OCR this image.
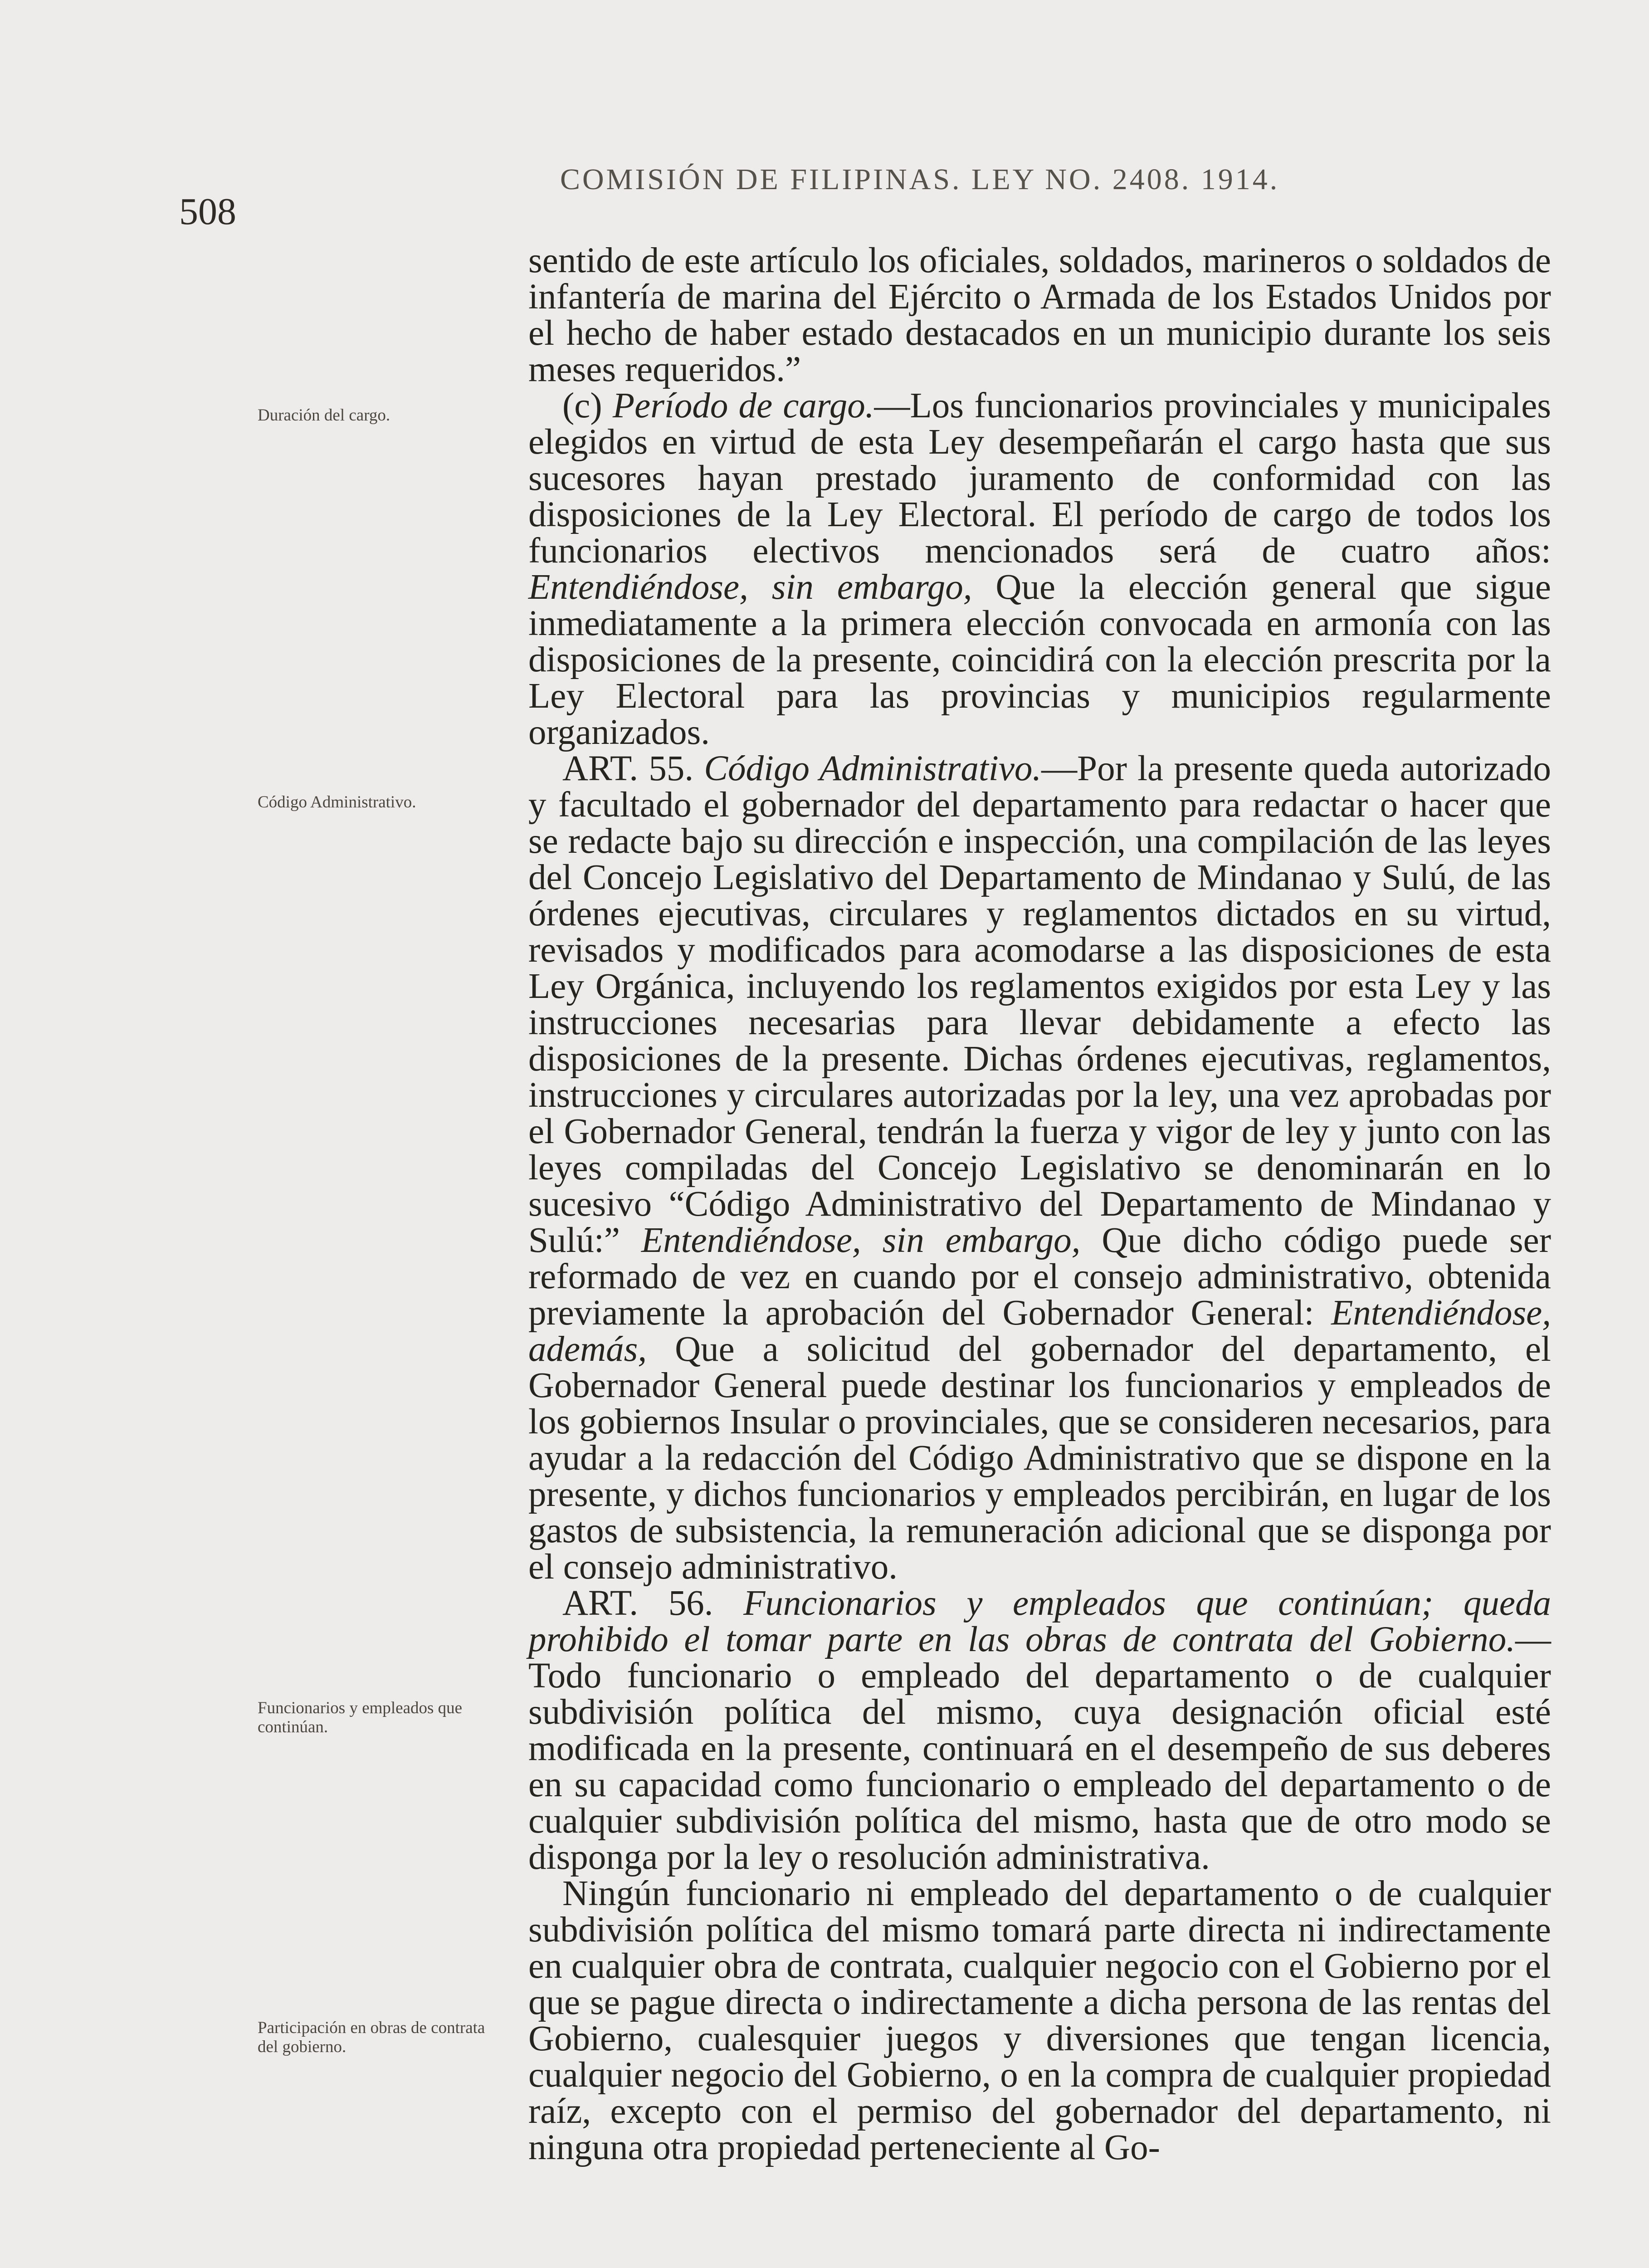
508
COMISIÓN DE FILIPINAS. LEY NO. 2408. 1914.
Duración del cargo.
Código Administrativo.
Funcionarios y empleados que continúan.
Participación en obras de contrata del gobierno.

sentido de este artículo los oficiales, soldados, marineros o soldados de infantería de marina del Ejército o Armada de los Estados Unidos por el hecho de haber estado destacados en un municipio durante los seis meses requeridos.”

(c) Período de cargo.—Los funcionarios provinciales y municipales elegidos en virtud de esta Ley desempeñarán el cargo hasta que sus sucesores hayan prestado juramento de conformidad con las disposiciones de la Ley Electoral. El período de cargo de todos los funcionarios electivos mencionados será de cuatro años: Entendiéndose, sin embargo, Que la elección general que sigue inmediatamente a la primera elección convocada en armonía con las disposiciones de la presente, coincidirá con la elección prescrita por la Ley Electoral para las provincias y municipios regularmente organizados.

ART. 55. Código Administrativo.—Por la presente queda autorizado y facultado el gobernador del departamento para redactar o hacer que se redacte bajo su dirección e inspección, una compilación de las leyes del Concejo Legislativo del Departamento de Mindanao y Sulú, de las órdenes ejecutivas, circulares y reglamentos dictados en su virtud, revisados y modificados para acomodarse a las disposiciones de esta Ley Orgánica, incluyendo los reglamentos exigidos por esta Ley y las instrucciones necesarias para llevar debidamente a efecto las disposiciones de la presente. Dichas órdenes ejecutivas, reglamentos, instrucciones y circulares autorizadas por la ley, una vez aprobadas por el Gobernador General, tendrán la fuerza y vigor de ley y junto con las leyes compiladas del Concejo Legislativo se denominarán en lo sucesivo “Código Administrativo del Departamento de Mindanao y Sulú:” Entendiéndose, sin embargo, Que dicho código puede ser reformado de vez en cuando por el consejo administrativo, obtenida previamente la aprobación del Gobernador General: Entendiéndose, además, Que a solicitud del gobernador del departamento, el Gobernador General puede destinar los funcionarios y empleados de los gobiernos Insular o provinciales, que se consideren necesarios, para ayudar a la redacción del Código Administrativo que se dispone en la presente, y dichos funcionarios y empleados percibirán, en lugar de los gastos de subsistencia, la remuneración adicional que se disponga por el consejo administrativo.

ART. 56. Funcionarios y empleados que continúan; queda prohibido el tomar parte en las obras de contrata del Gobierno.—Todo funcionario o empleado del departamento o de cualquier subdivisión política del mismo, cuya designación oficial esté modificada en la presente, continuará en el desempeño de sus deberes en su capacidad como funcionario o empleado del departamento o de cualquier subdivisión política del mismo, hasta que de otro modo se disponga por la ley o resolución administrativa.

Ningún funcionario ni empleado del departamento o de cualquier subdivisión política del mismo tomará parte directa ni indirectamente en cualquier obra de contrata, cualquier negocio con el Gobierno por el que se pague directa o indirectamente a dicha persona de las rentas del Gobierno, cualesquier juegos y diversiones que tengan licencia, cualquier negocio del Gobierno, o en la compra de cualquier propiedad raíz, excepto con el permiso del gobernador del departamento, ni ninguna otra propiedad perteneciente al Go-
